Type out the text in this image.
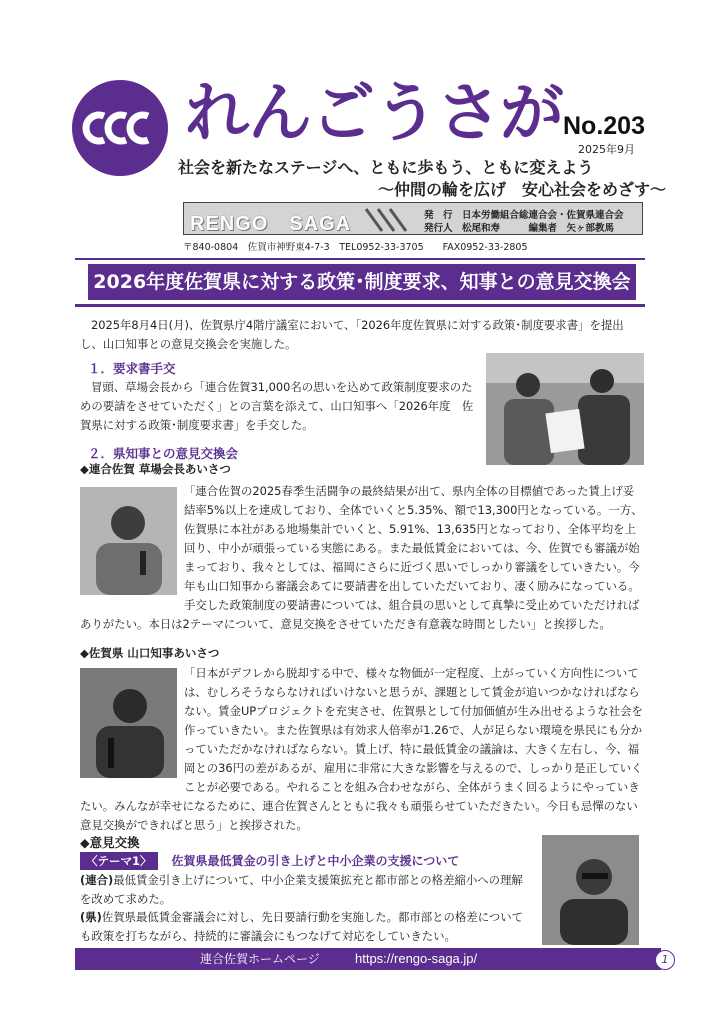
れんごうさが No.203
2025年9月
社会を新たなステージへ、ともに歩もう、ともに変えよう
〜仲間の輪を広げ　安心社会をめざす〜
RENGO　SAGA	発　行　日本労働組合総連合会・佐賀県連合会
発行人　松尾和寿　　　編集者　矢ヶ部教馬
〒840-0804　佐賀市神野東4-7-3　TEL0952-33-3705　　FAX0952-33-2805
2026年度佐賀県に対する政策･制度要求、知事との意見交換会
2025年8月4日(月)、佐賀県庁4階庁議室において、「2026年度佐賀県に対する政策･制度要求書」を提出し、山口知事との意見交換会を実施した。
１．要求書手交
冒頭、草場会長から「連合佐賀31,000名の思いを込めて政策制度要求のための要請をさせていただく」との言葉を添えて、山口知事へ「2026年度　佐賀県に対する政策･制度要求書」を手交した。
２．県知事との意見交換会
◆連合佐賀 草場会長あいさつ
「連合佐賀の2025春季生活闘争の最終結果が出て、県内全体の目標値であった賃上げ妥結率5%以上を達成しており、全体でいくと5.35%、額で13,300円となっている。一方、佐賀県に本社がある地場集計でいくと、5.91%、13,635円となっており、全体平均を上回り、中小が頑張っている実態にある。また最低賃金においては、今、佐賀でも審議が始まっており、我々としては、福岡にさらに近づく思いでしっかり審議をしていきたい。今年も山口知事から審議会あてに要請書を出していただいており、凄く励みになっている。手交した政策制度の要請書については、組合員の思いとして真摯に受止めていただければありがたい。本日は2テーマについて、意見交換をさせていただき有意義な時間としたい」と挨拶した。
◆佐賀県 山口知事あいさつ
「日本がデフレから脱却する中で、様々な物価が一定程度、上がっていく方向性については、むしろそうならなければいけないと思うが、課題として賃金が追いつかなければならない。賃金UPプロジェクトを充実させ、佐賀県として付加価値が生み出せるような社会を作っていきたい。また佐賀県は有効求人倍率が1.26で、人が足らない環境を県民にも分かっていただかなければならない。賃上げ、特に最低賃金の議論は、大きく左右し、今、福岡との36円の差があるが、雇用に非常に大きな影響を与えるので、しっかり是正していくことが必要である。やれることを組み合わせながら、全体がうまく回るようにやっていきたい。みんなが幸せになるために、連合佐賀さんとともに我々も頑張らせていただきたい。今日も忌憚のない意見交換ができればと思う」と挨拶された。
◆意見交換
〈テーマ1〉 佐賀県最低賃金の引き上げと中小企業の支援について
(連合)最低賃金引き上げについて、中小企業支援策拡充と都市部との格差縮小への理解を改めて求めた。
(県)佐賀県最低賃金審議会に対し、先日要請行動を実施した。都市部との格差についても政策を打ちながら、持続的に審議会にもつなげて対応をしていきたい。
連合佐賀ホームページ	https://rengo-saga.jp/	1
